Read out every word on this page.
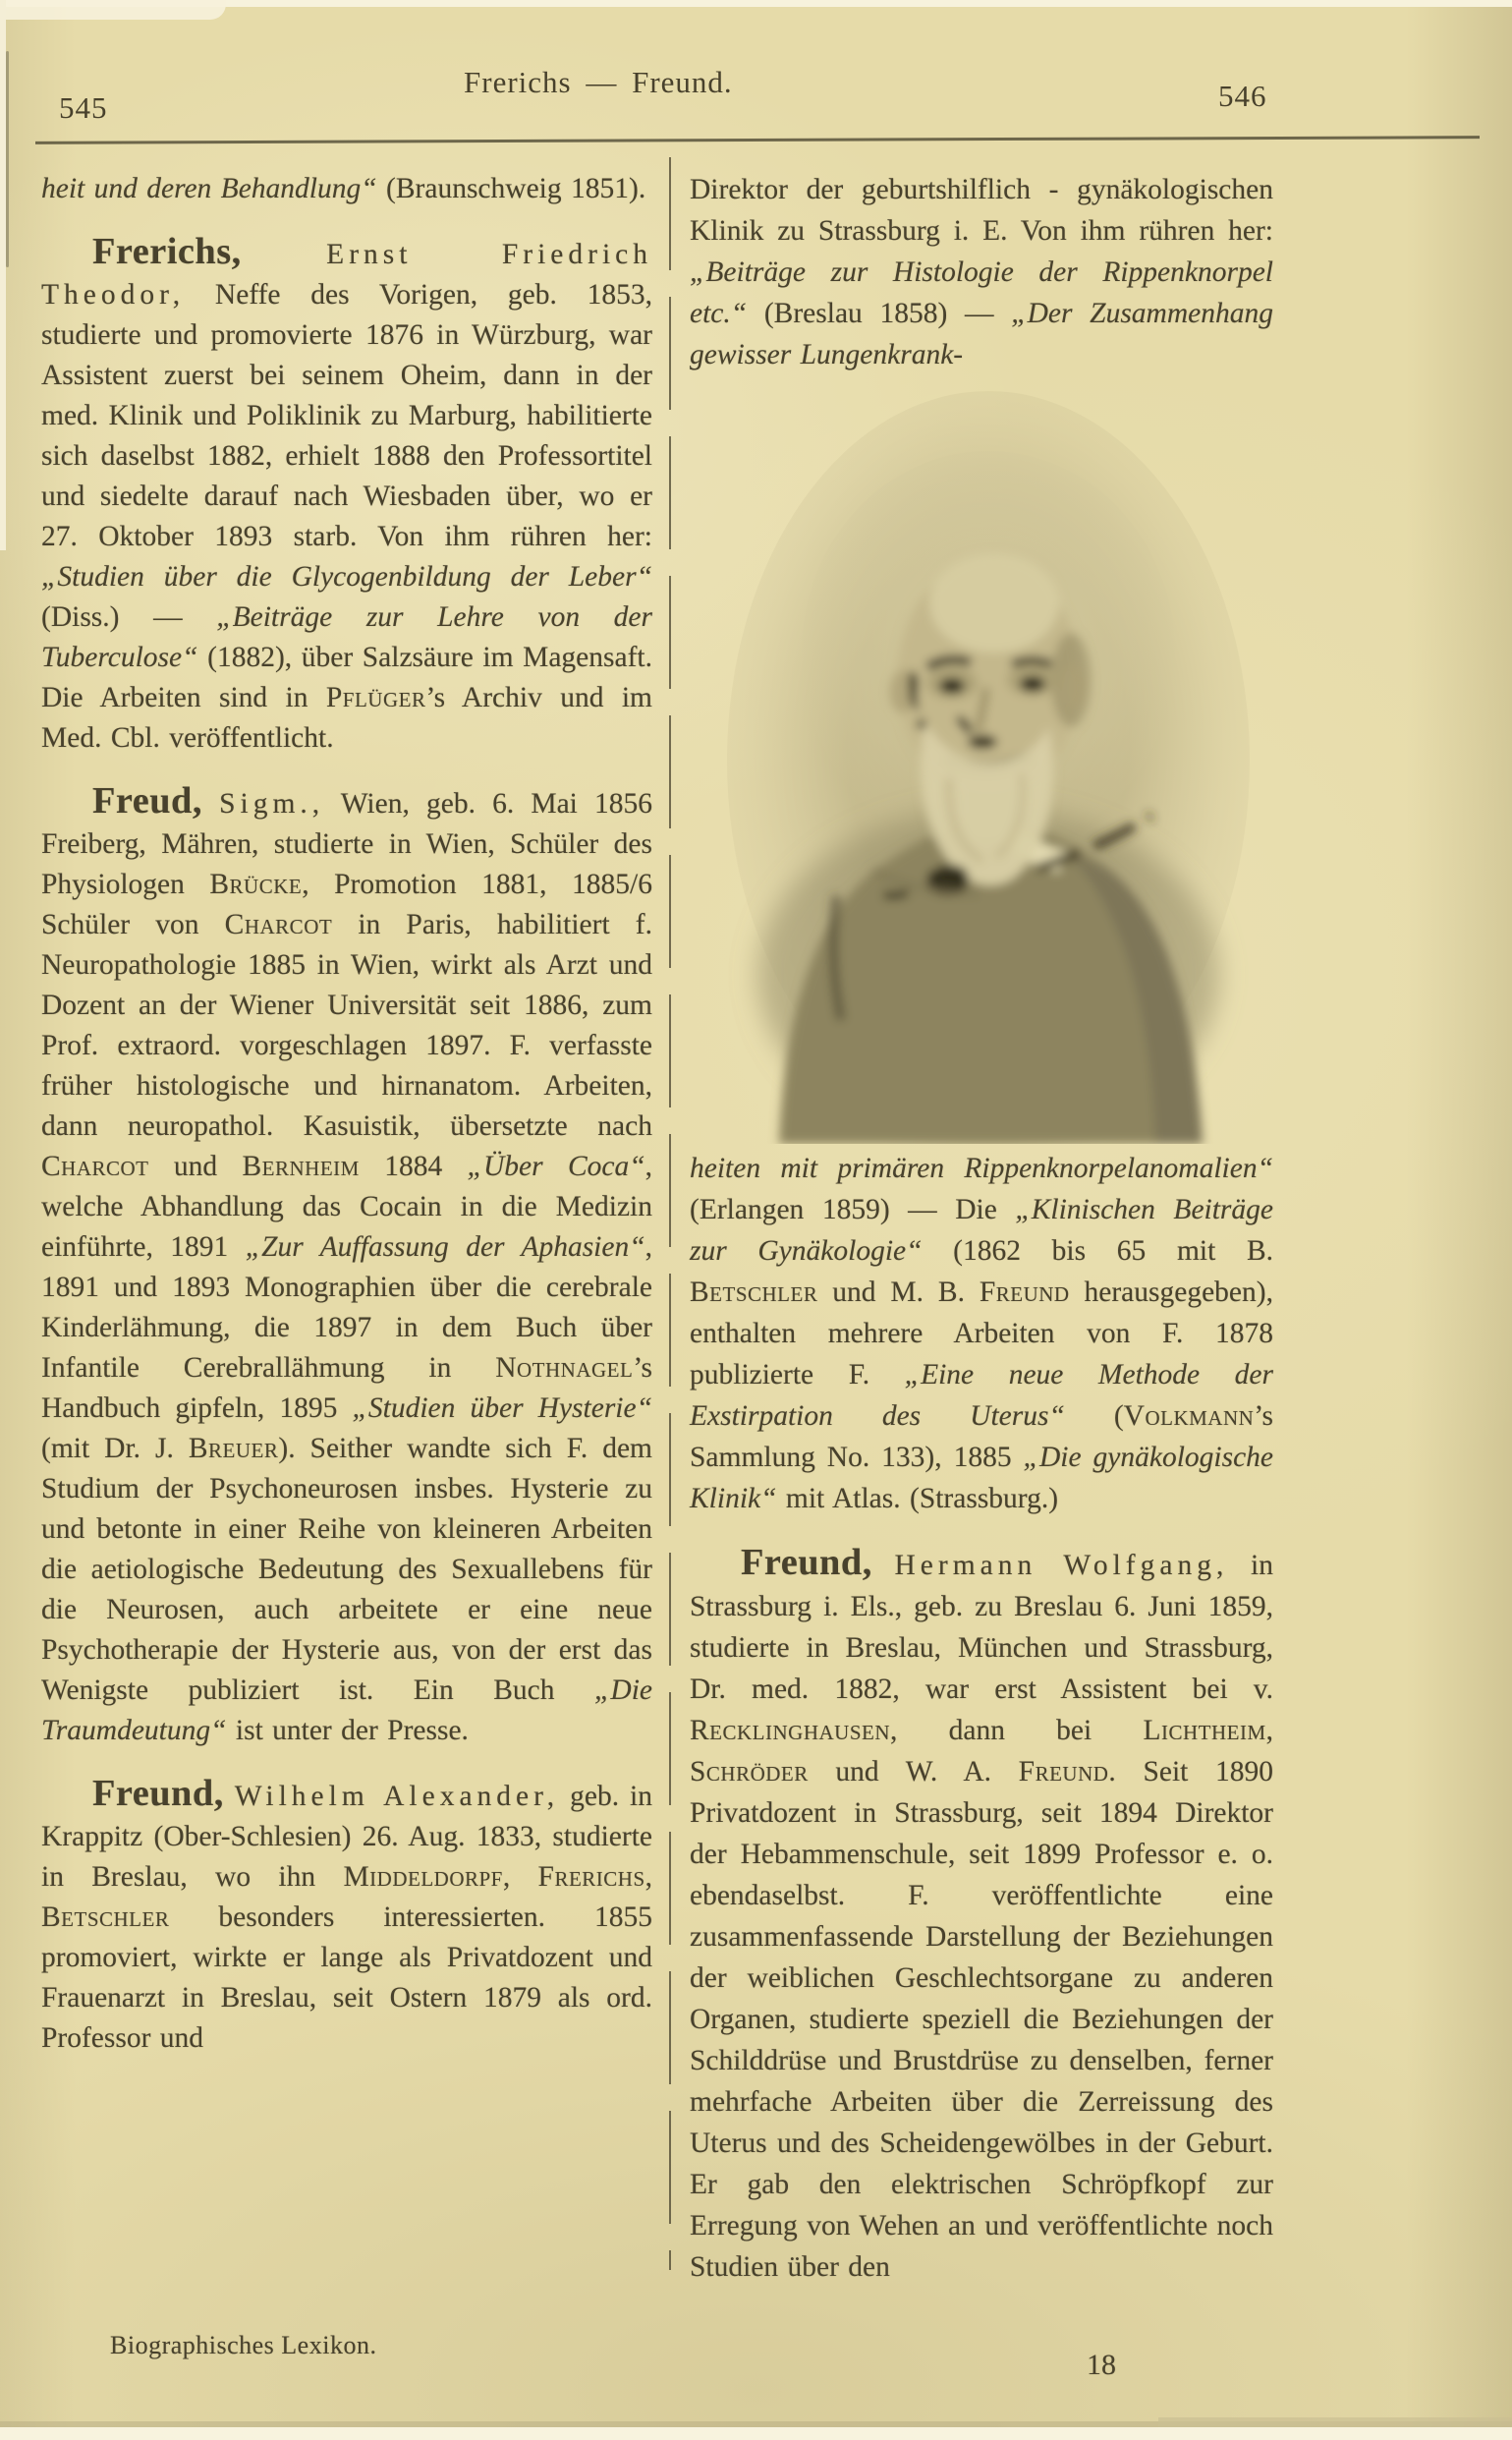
545
Frerichs — Freund.	546

heit und deren Behandlung“ (Braunschweig 1851).

Frerichs,	Ernst Friedrich Theodor, Neffe des Vorigen, geb. 1853, studierte und promovierte 1876 in Würzburg, war Assistent zuerst bei seinem Oheim, dann in der med. Klinik und Poliklinik zu Marburg, habilitierte sich daselbst 1882, erhielt 1888 den Professortitel und siedelte darauf nach Wiesbaden über, wo er 27. Oktober 1893 starb. Von ihm rühren her: „Studien über die Glycogenbildung der Leber“ (Diss.) — „Beiträge zur Lehre von der Tuberculose“ (1882), über Salzsäure im Magensaft. Die Arbeiten sind in Pflüger’s Archiv und im Med. Cbl. veröffentlicht.

Freud, Sigm., Wien, geb. 6. Mai 1856 Freiberg, Mähren, studierte in Wien, Schüler des Physiologen Brücke, Promotion 1881, 1885/6 Schüler von Charcot in Paris, habilitiert f. Neuropathologie 1885 in Wien, wirkt als Arzt und Dozent an der Wiener Universität seit 1886, zum Prof. extraord. vorgeschlagen 1897. F. verfasste früher histologische und hirnanatom. Arbeiten, dann neuropathol. Kasuistik, übersetzte nach Charcot und Bernheim 1884 „Über Coca“, welche Abhandlung das Cocain in die Medizin einführte, 1891 „Zur Auffassung der Aphasien“, 1891 und 1893 Monographien über die cerebrale Kinderlähmung, die 1897 in dem Buch über Infantile Cerebrallähmung in Nothnagel’s Handbuch gipfeln, 1895 „Studien über Hysterie“ (mit Dr. J. Breuer). Seither wandte sich F. dem Studium der Psychoneurosen insbes. Hysterie zu und betonte in einer Reihe von kleineren Arbeiten die aetiologische Bedeutung des Sexuallebens für die Neurosen, auch arbeitete er eine neue Psychotherapie der Hysterie aus, von der erst das Wenigste publiziert ist. Ein Buch „Die Traumdeutung“ ist unter der Presse.

Freund, Wilhelm Alexander, geb. in Krappitz (Ober-Schlesien) 26. Aug. 1833, studierte in Breslau, wo ihn Middeldorpf, Frerichs, Betschler besonders interessierten. 1855 promoviert, wirkte er lange als Privatdozent und Frauenarzt in Breslau, seit Ostern 1879 als ord. Professor und

Direktor der geburtshilflich - gynäkologischen Klinik zu Strassburg i. E. Von ihm rühren her: „Beiträge zur Histologie der Rippenknorpel etc.“ (Breslau 1858) — „Der Zusammenhang gewisser Lungenkrank-

heiten mit primären Rippenknorpelanomalien“ (Erlangen 1859) — Die „Klinischen Beiträge zur Gynäkologie“ (1862 bis 65 mit B. Betschler und M. B. Freund herausgegeben), enthalten mehrere Arbeiten von F. 1878 publizierte F. „Eine neue Methode der Exstirpation des Uterus“ (Volkmann’s Sammlung No. 133), 1885 „Die gynäkologische Klinik“ mit Atlas. (Strassburg.)

Freund, Hermann Wolfgang, in Strassburg i. Els., geb. zu Breslau 6. Juni 1859, studierte in Breslau, München und Strassburg, Dr. med. 1882, war erst Assistent bei v. Recklinghausen, dann bei Lichtheim, Schröder und W. A. Freund. Seit 1890 Privatdozent in Strassburg, seit 1894 Direktor der Hebammenschule, seit 1899 Professor e. o. ebendaselbst. F. veröffentlichte eine zusammenfassende Darstellung der Beziehungen der weiblichen Geschlechtsorgane zu anderen Organen, studierte speziell die Beziehungen der Schilddrüse und Brustdrüse zu denselben, ferner mehrfache Arbeiten über die Zerreissung des Uterus und des Scheidengewölbes in der Geburt. Er gab den elektrischen Schröpfkopf zur Erregung von Wehen an und veröffentlichte noch Studien über den

Biographisches Lexikon.
18
